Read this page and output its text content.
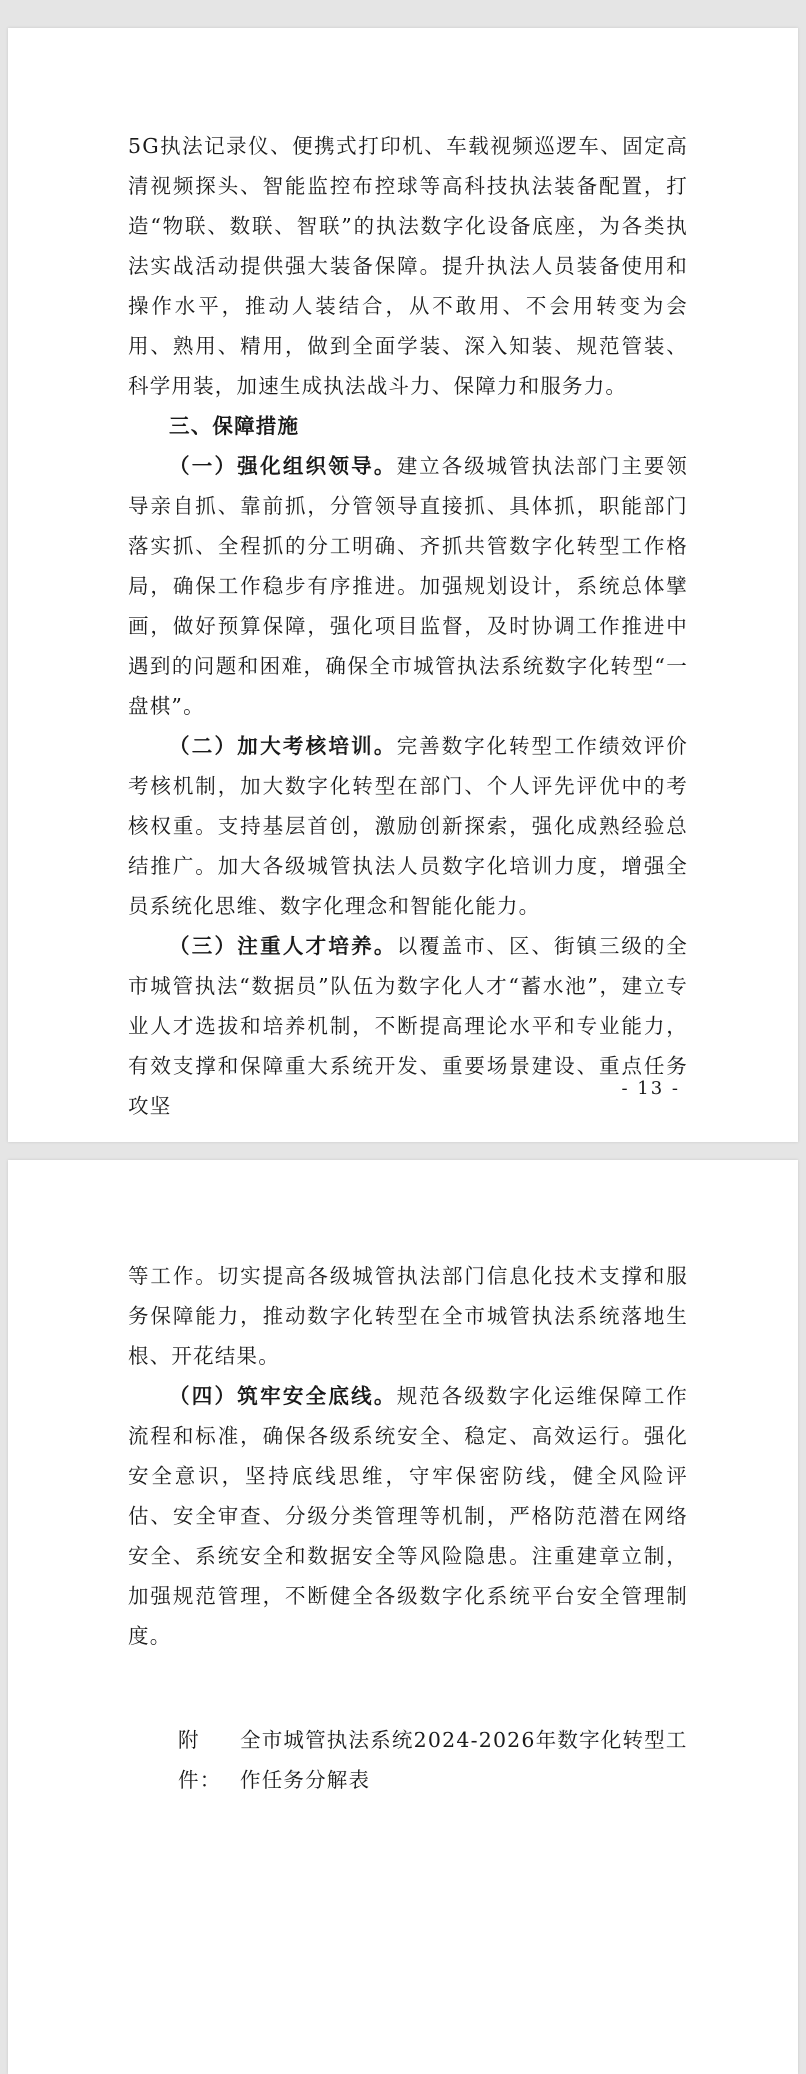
5G执法记录仪、便携式打印机、车载视频巡逻车、固定高清视频探头、智能监控布控球等高科技执法装备配置，打造“物联、数联、智联”的执法数字化设备底座，为各类执法实战活动提供强大装备保障。提升执法人员装备使用和操作水平，推动人装结合，从不敢用、不会用转变为会用、熟用、精用，做到全面学装、深入知装、规范管装、科学用装，加速生成执法战斗力、保障力和服务力。

三、保障措施

（一）强化组织领导。建立各级城管执法部门主要领导亲自抓、靠前抓，分管领导直接抓、具体抓，职能部门落实抓、全程抓的分工明确、齐抓共管数字化转型工作格局，确保工作稳步有序推进。加强规划设计，系统总体擘画，做好预算保障，强化项目监督，及时协调工作推进中遇到的问题和困难，确保全市城管执法系统数字化转型“一盘棋”。

（二）加大考核培训。完善数字化转型工作绩效评价考核机制，加大数字化转型在部门、个人评先评优中的考核权重。支持基层首创，激励创新探索，强化成熟经验总结推广。加大各级城管执法人员数字化培训力度，增强全员系统化思维、数字化理念和智能化能力。

（三）注重人才培养。以覆盖市、区、街镇三级的全市城管执法“数据员”队伍为数字化人才“蓄水池”，建立专业人才选拔和培养机制，不断提高理论水平和专业能力，有效支撑和保障重大系统开发、重要场景建设、重点任务攻坚

- 13 -

等工作。切实提高各级城管执法部门信息化技术支撑和服务保障能力，推动数字化转型在全市城管执法系统落地生根、开花结果。

（四）筑牢安全底线。规范各级数字化运维保障工作流程和标准，确保各级系统安全、稳定、高效运行。强化安全意识，坚持底线思维，守牢保密防线，健全风险评估、安全审查、分级分类管理等机制，严格防范潜在网络安全、系统安全和数据安全等风险隐患。注重建章立制，加强规范管理，不断健全各级数字化系统平台安全管理制度。

附件：
全市城管执法系统2024-2026年数字化转型工作任务分解表
